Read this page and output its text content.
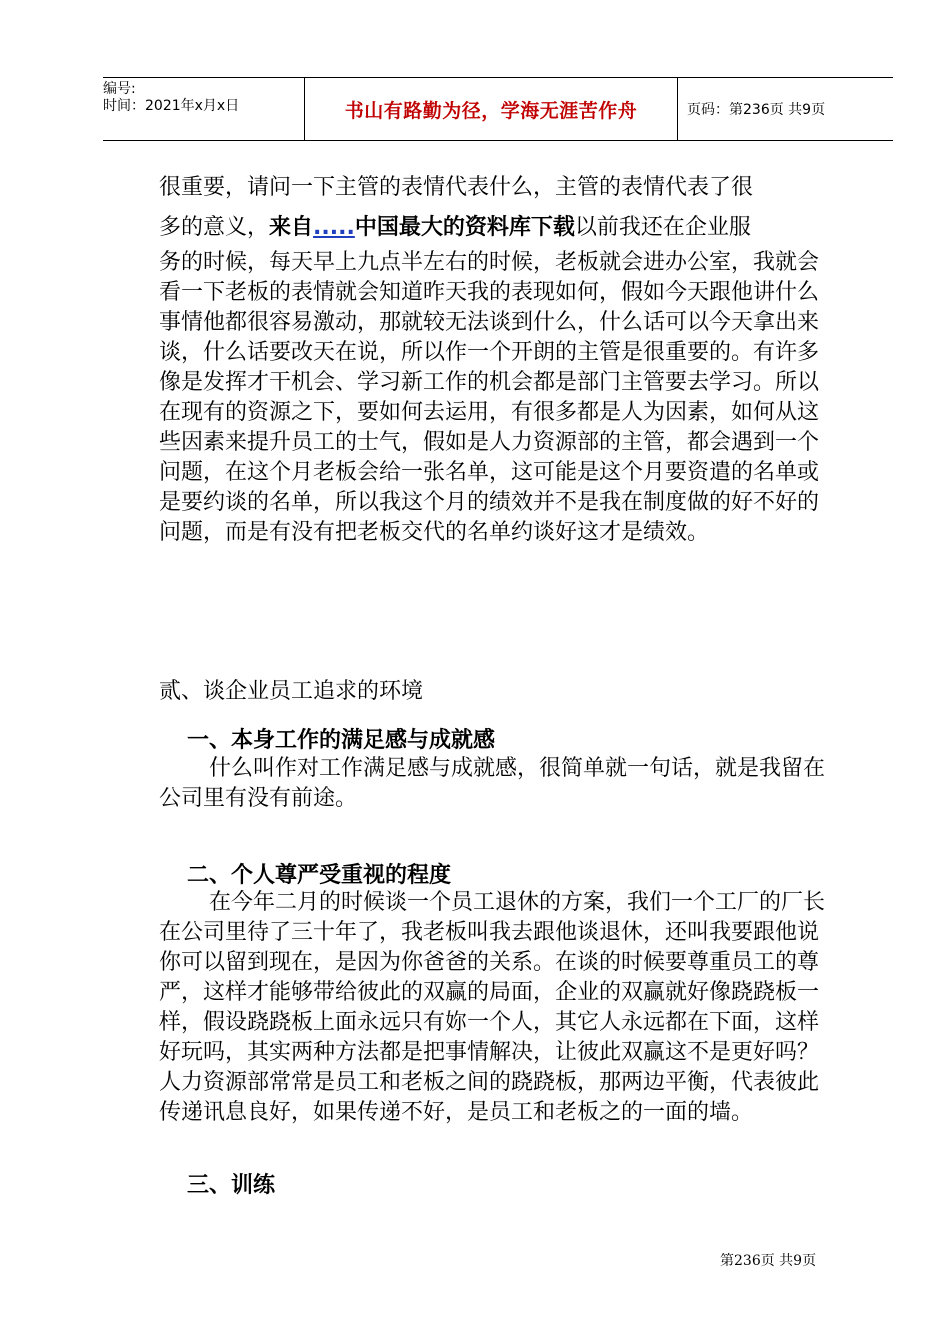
编号:
时间：2021年x月x日	书山有路勤为径，学海无涯苦作舟	页码：第236页 共9页
很重要，请问一下主管的表情代表什么，主管的表情代表了很
多的意义，来自.....中国最大的资料库下载以前我还在企业服

务的时候，每天早上九点半左右的时候，老板就会进办公室，我就会看一下老板的表情就会知道昨天我的表现如何，假如今天跟他讲什么事情他都很容易激动，那就较无法谈到什么，什么话可以今天拿出来谈，什么话要改天在说，所以作一个开朗的主管是很重要的。有许多像是发挥才干机会、学习新工作的机会都是部门主管要去学习。所以在现有的资源之下，要如何去运用，有很多都是人为因素，如何从这些因素来提升员工的士气，假如是人力资源部的主管，都会遇到一个问题，在这个月老板会给一张名单，这可能是这个月要资遣的名单或是要约谈的名单，所以我这个月的绩效并不是我在制度做的好不好的问题，而是有没有把老板交代的名单约谈好这才是绩效。

贰、谈企业员工追求的环境
一、本身工作的满足感与成就感

什么叫作对工作满足感与成就感，很简单就一句话，就是我留在公司里有没有前途。

二、个人尊严受重视的程度

在今年二月的时候谈一个员工退休的方案，我们一个工厂的厂长在公司里待了三十年了，我老板叫我去跟他谈退休，还叫我要跟他说你可以留到现在，是因为你爸爸的关系。在谈的时候要尊重员工的尊严，这样才能够带给彼此的双赢的局面，企业的双赢就好像跷跷板一样，假设跷跷板上面永远只有妳一个人，其它人永远都在下面，这样好玩吗，其实两种方法都是把事情解决，让彼此双赢这不是更好吗？人力资源部常常是员工和老板之间的跷跷板，那两边平衡，代表彼此传递讯息良好，如果传递不好，是员工和老板之的一面的墙。

三、训练
第236页 共9页
